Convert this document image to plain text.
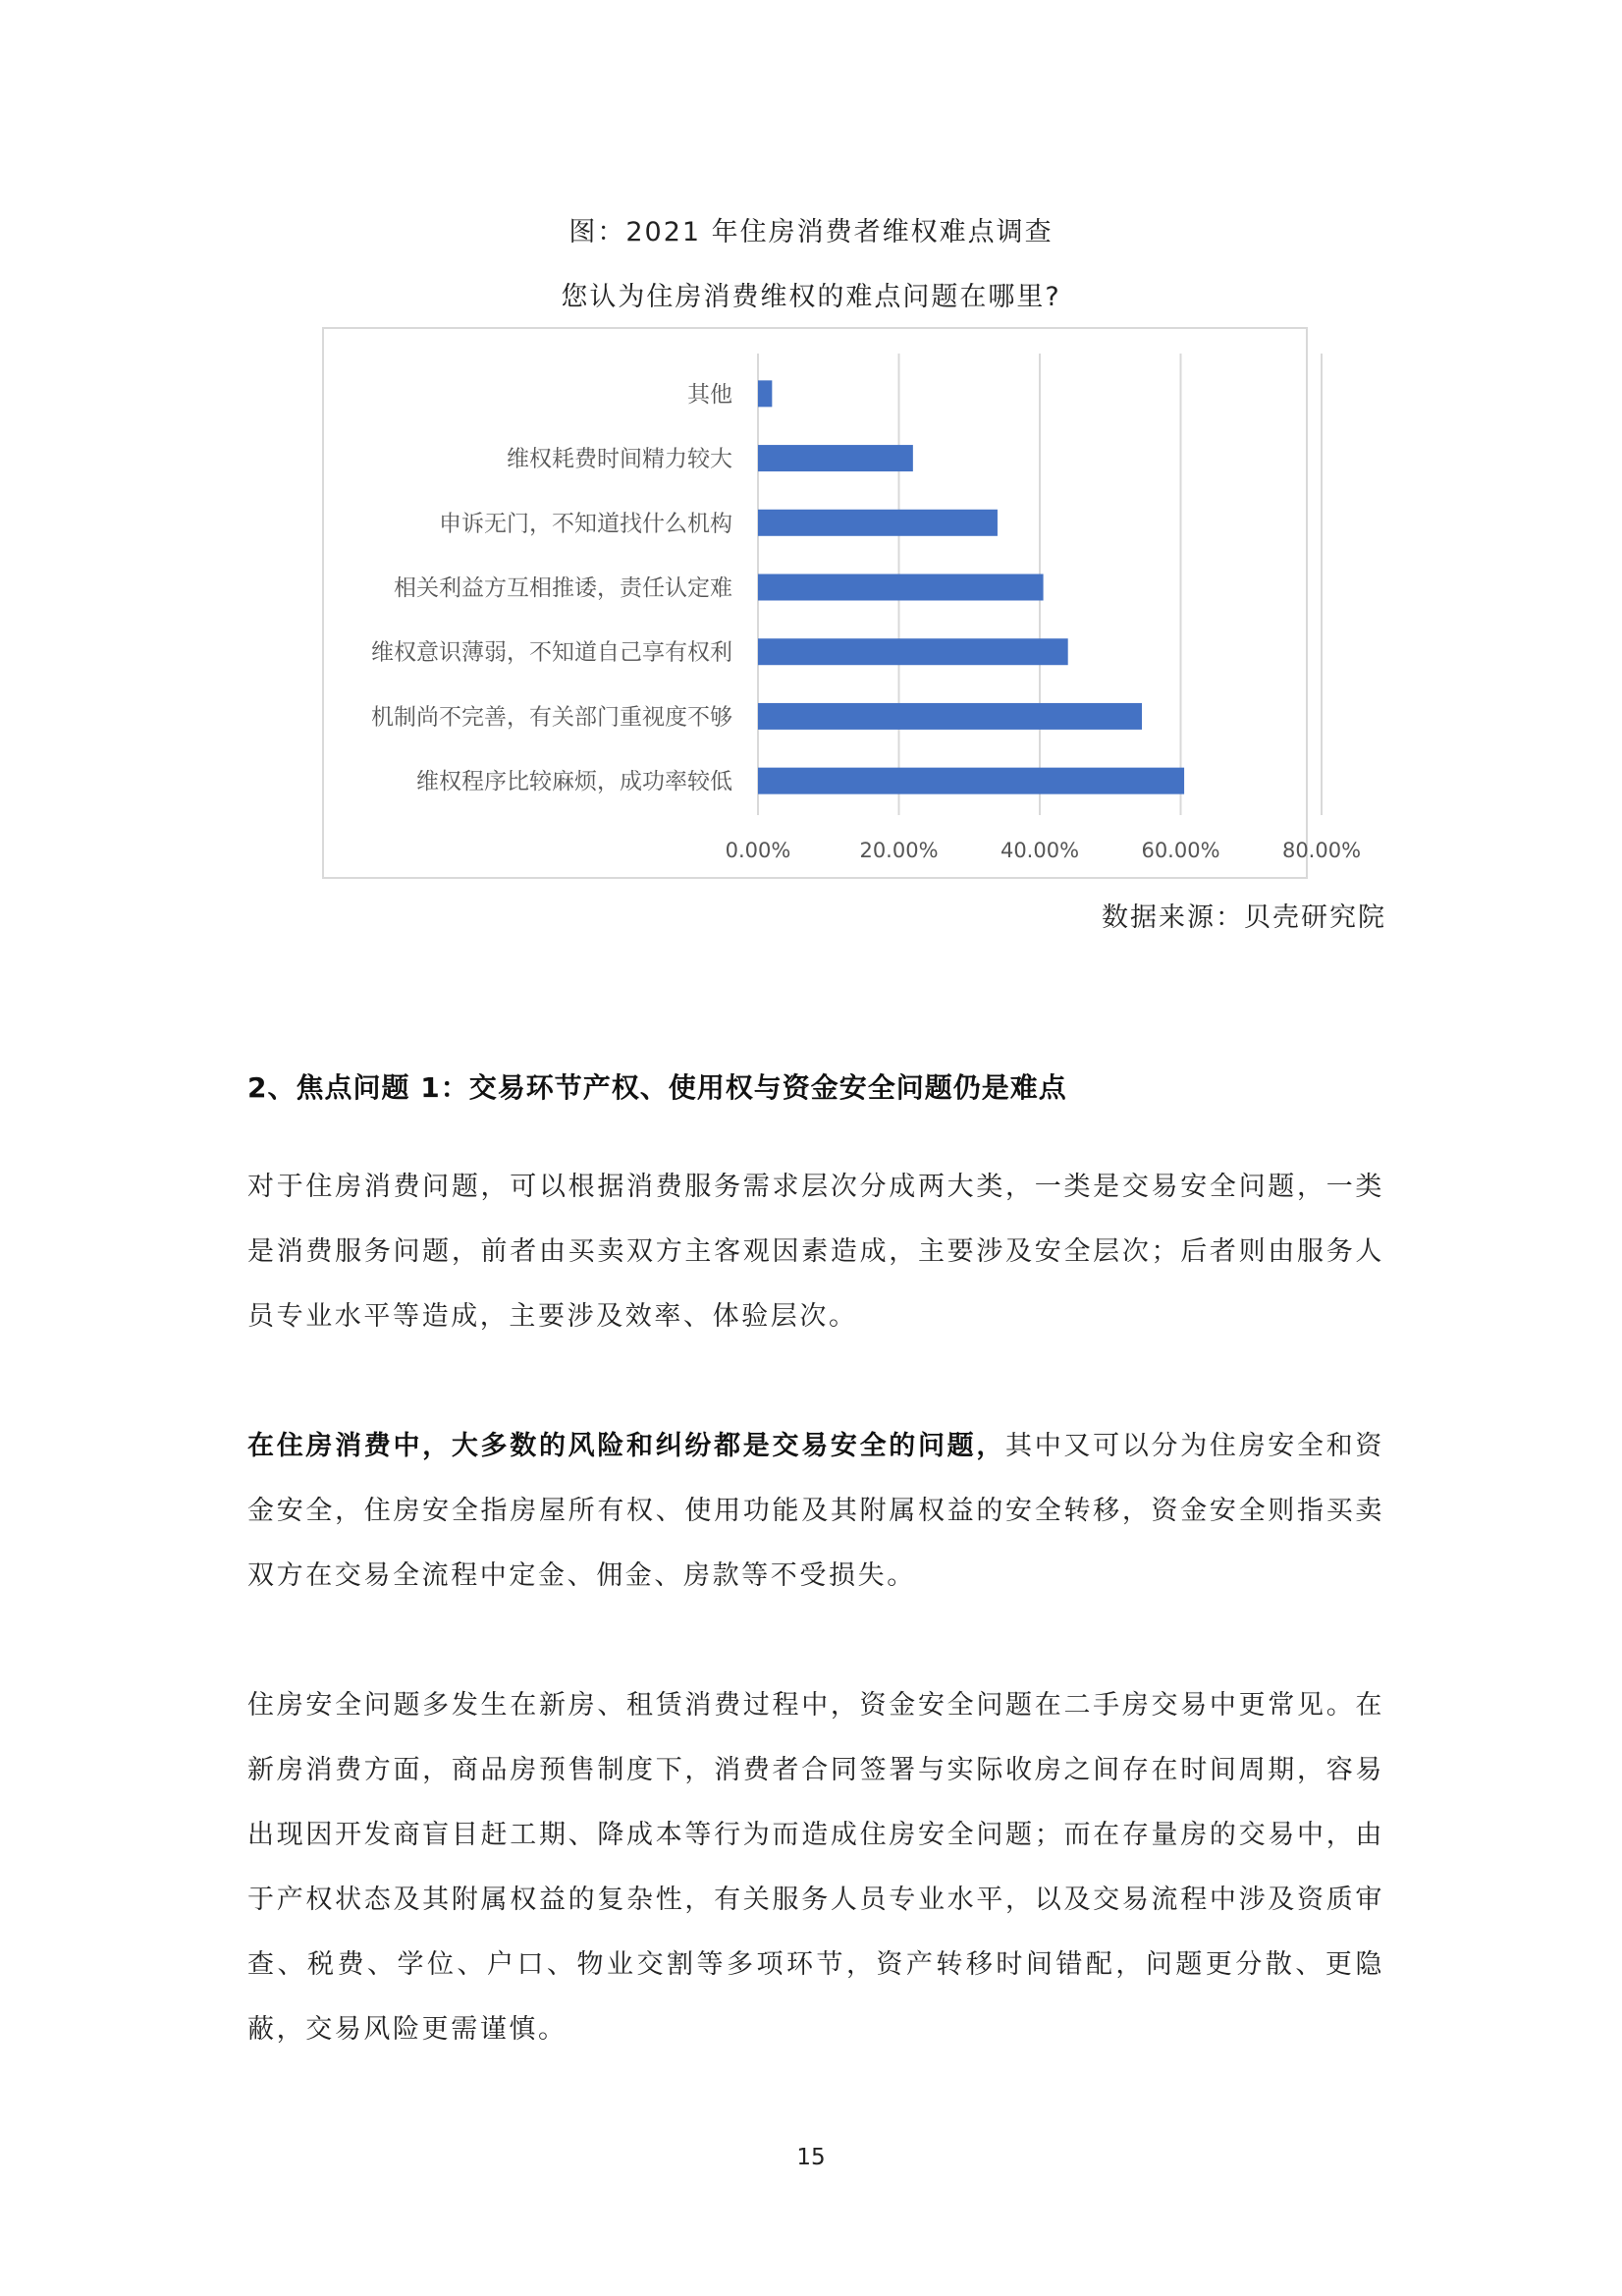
图：2021 年住房消费者维权难点调查
您认为住房消费维权的难点问题在哪里?
0.00%	20.00%	40.00%	60.00%	80.00%
其他
维权耗费时间精力较大
申诉无门，不知道找什么机构
相关利益方互相推诿，责任认定难
维权意识薄弱，不知道自己享有权利
机制尚不完善，有关部门重视度不够
维权程序比较麻烦，成功率较低
数据来源：贝壳研究院
2、焦点问题 1：交易环节产权、使用权与资金安全问题仍是难点
对于住房消费问题，可以根据消费服务需求层次分成两大类，一类是交易安全问题，一类是消费服务问题，前者由买卖双方主客观因素造成，主要涉及安全层次；后者则由服务人员专业水平等造成，主要涉及效率、体验层次。
在住房消费中，大多数的风险和纠纷都是交易安全的问题，其中又可以分为住房安全和资金安全，住房安全指房屋所有权、使用功能及其附属权益的安全转移，资金安全则指买卖双方在交易全流程中定金、佣金、房款等不受损失。
住房安全问题多发生在新房、租赁消费过程中，资金安全问题在二手房交易中更常见。在新房消费方面，商品房预售制度下，消费者合同签署与实际收房之间存在时间周期，容易出现因开发商盲目赶工期、降成本等行为而造成住房安全问题；而在存量房的交易中，由于产权状态及其附属权益的复杂性，有关服务人员专业水平，以及交易流程中涉及资质审查、税费、学位、户口、物业交割等多项环节，资产转移时间错配，问题更分散、更隐蔽，交易风险更需谨慎。
15
